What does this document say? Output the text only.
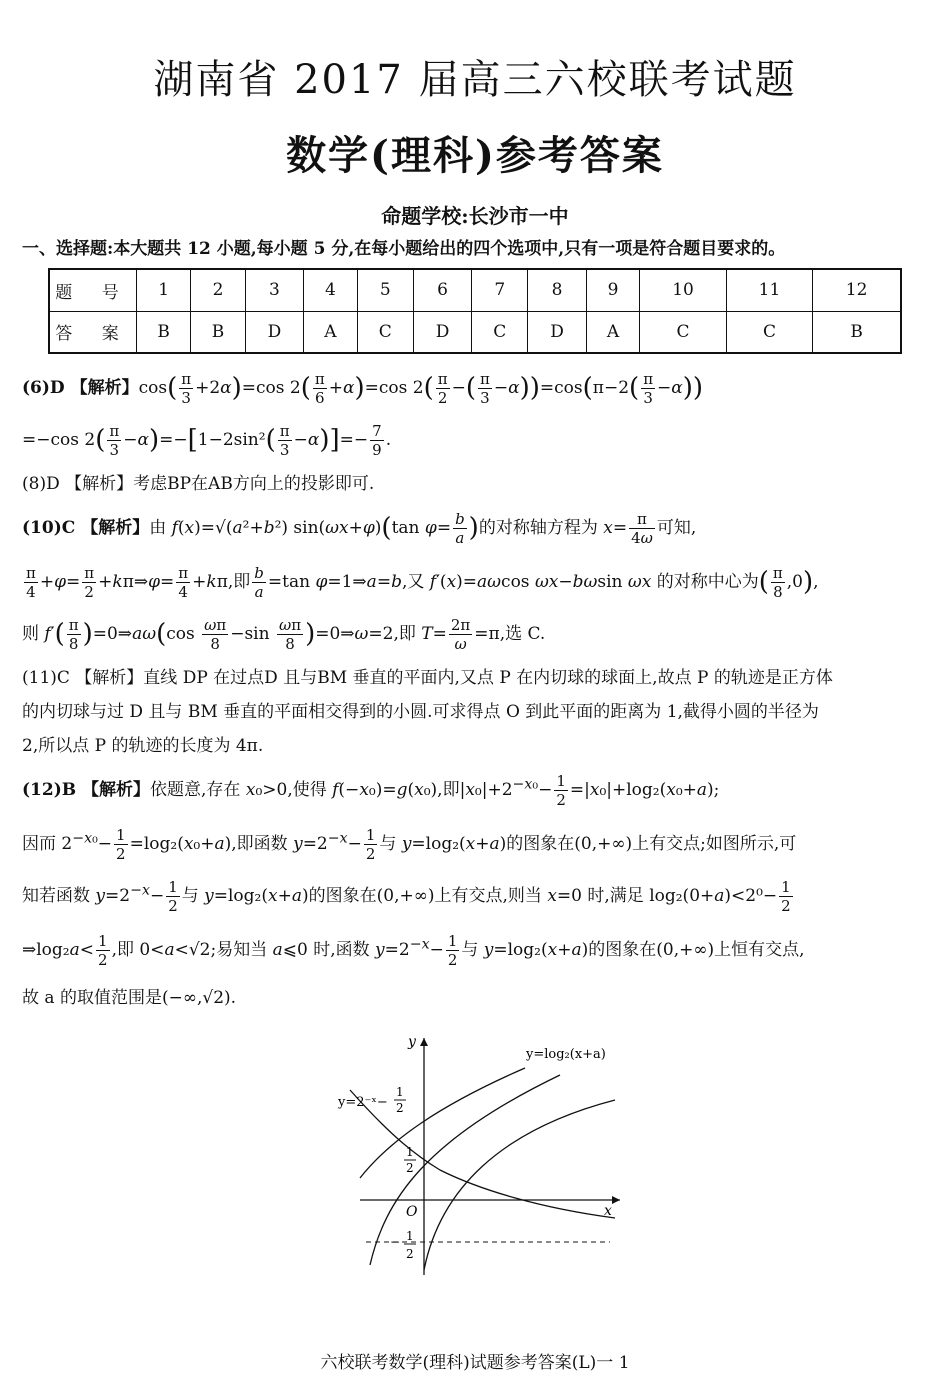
湖南省 2017 届高三六校联考试题
数学(理科)参考答案
命题学校:长沙市一中
一、选择题:本大题共 12 小题,每小题 5 分,在每小题给出的四个选项中,只有一项是符合题目要求的。
题 号	1	2	3	4	5	6	7	8	9	10	11	12
答 案	B	B	D	A	C	D	C	D	A	C	C	B
(6)D 【解析】$\cos( \frac{\pi}{3} +2\alpha)=\cos$ $2( \frac{\pi}{6} +\alpha)=\cos$ $2( \frac{\pi}{2}$ −( $\frac{\pi}{3} -\alpha))=\cos(\pi-2( \frac{\pi}{3} -\alpha))$
=−cos $2( \frac{\pi}{3} -\alpha)=-[1-2\sin^2( \frac{\pi}{3} -\alpha)]=- \frac{7}{9}$ .
(8)D 【解析】考虑BP在AB方向上的投影即可.
(10)C 【解析】由 f(x)=√(a²+b²) sin(ωx+φ)(tan $\varphi= \frac{b}{a}$ )的对称轴方程为 $x= \frac{\pi}{4\omega}$ 可知,
$\frac{\pi}{4} +\varphi= \frac{\pi}{2}$ +kπ⇒φ= $\frac{\pi}{4} +k\pi$,即 $\frac{b}{a} =\tan$ φ=1⇒a=b,又 f′(x)=aωcos ωx−bωsin ωx 的对称中心为( $\frac{\pi}{8} ,0$),
则 $f'( \frac{\pi}{8}$ )=0⇒aω(cos $\frac{\omega\pi}{8} -\sin \frac{\omega\pi}{8}$ )=0⇒ω=2,即 $T= \frac{2\pi}{\omega} =\pi$,选 C.
(11)C 【解析】直线 DP 在过点D 且与BM 垂直的平面内,又点 P 在内切球的球面上,故点 P 的轨迹是正方体
的内切球与过 D 且与 BM 垂直的平面相交得到的小圆.可求得点 O 到此平面的距离为 1,截得小圆的半径为
2,所以点 P 的轨迹的长度为 4π.
(12)B 【解析】依题意,存在 x₀>0,使得 f(−x₀)=g(x₀),即$|x_0|+2^{-x_0}- \frac{1}{2} =|x_0|+\log_2(x_0+a)$;
因而 $2^{-x_0}- \frac{1}{2} =\log_2(x_0+a)$,即函数 $y=2^{-x}- \frac{1}{2}$ 与 y=log₂(x+a)的图象在(0,+∞)上有交点;如图所示,可
知若函数 $y=2^{-x}- \frac{1}{2}$ 与 y=log₂(x+a)的图象在(0,+∞)上有交点,则当 x=0 时,满足 $\log_2(0+a)<2^0- \frac{1}{2}$
⇒log₂a< $\frac{1}{2}$ ,即 0<a<√2;易知当 a⩽0 时,函数 $y=2^{-x}- \frac{1}{2}$ 与 y=log₂(x+a)的图象在(0,+∞)上恒有交点,
故 a 的取值范围是(−∞,√2).
y
x
O
y=log₂(x+a)
y=2⁻ˣ−
1
2
1
2
− 1
2
六校联考数学(理科)试题参考答案(L)一 1
